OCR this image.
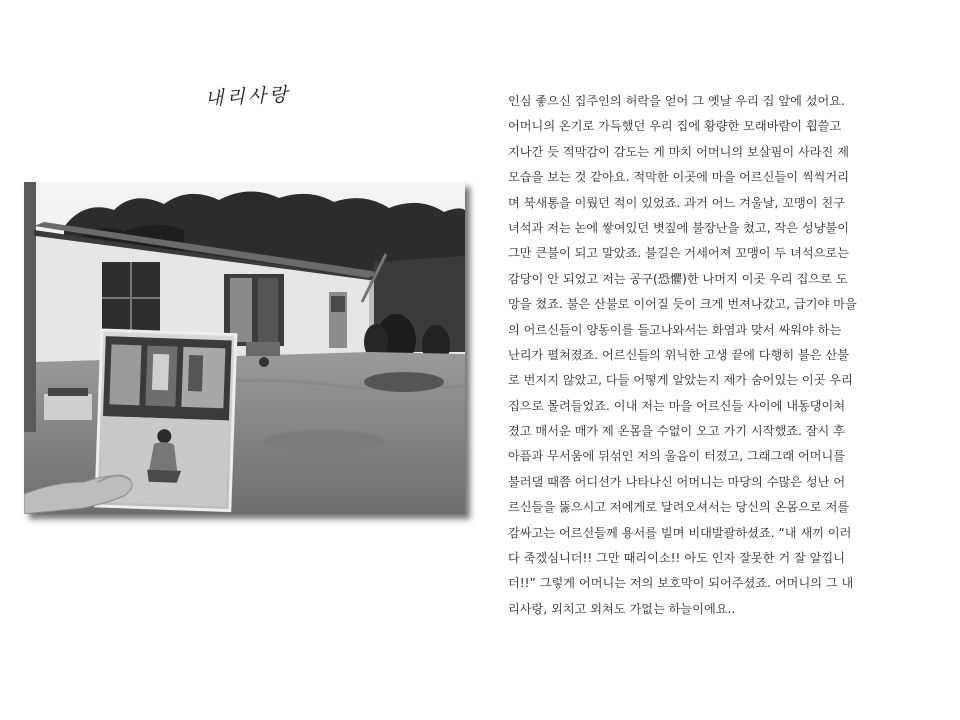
내리사랑	인심 좋으신 집주인의 허락을 얻어 그 옛날 우리 집 앞에 섰어요.
어머니의 온기로 가득했던 우리 집에 황량한 모래바람이 휩쓸고
지나간 듯 적막감이 감도는 게 마치 어머니의 보살핌이 사라진 제
모습을 보는 것 같아요. 적막한 이곳에 마을 어르신들이 씩씩거리
며 북새통을 이뤘던 적이 있었죠. 과거 어느 겨울날, 꼬맹이 친구
녀석과 저는 논에 쌓여있던 볏짚에 불장난을 쳤고, 작은 성냥불이
그만 큰불이 되고 말았죠. 불길은 거세어져 꼬맹이 두 녀석으로는
감당이 안 되었고 저는 공구(恐懼)한 나머지 이곳 우리 집으로 도
망을 쳤죠. 불은 산불로 이어질 듯이 크게 번져나갔고, 급기야 마을
의 어르신들이 양동이를 들고나와서는 화염과 맞서 싸워야 하는
난리가 펼쳐졌죠. 어르신들의 위닉한 고생 끝에 다행히 불은 산불
로 번지지 않았고, 다들 어떻게 알았는지 제가 숨어있는 이곳 우리
집으로 몰려들었죠. 이내 저는 마을 어르신들 사이에 내동댕이쳐
졌고 매서운 매가 제 온몸을 수없이 오고 가기 시작했죠. 잠시 후
아픔과 무서움에 뒤섞인 저의 울음이 터졌고, 그래그래 어머니를
불러댈 때쯤 어디선가 나타나신 어머니는 마당의 수많은 성난 어
르신들을 뚫으시고 저에게로 달려오셔서는 당신의 온몸으로 저를
감싸고는 어르신들께 용서를 빌며 비대발괄하셨죠. “내 새끼 이러
다 죽겠심니더!! 그만 때리이소!! 아도 인자 잘못한 거 잘 알낍니
더!!” 그렇게 어머니는 저의 보호막이 되어주셨죠. 어머니의 그 내
리사랑, 외치고 외쳐도 가없는 하늘이에요..
